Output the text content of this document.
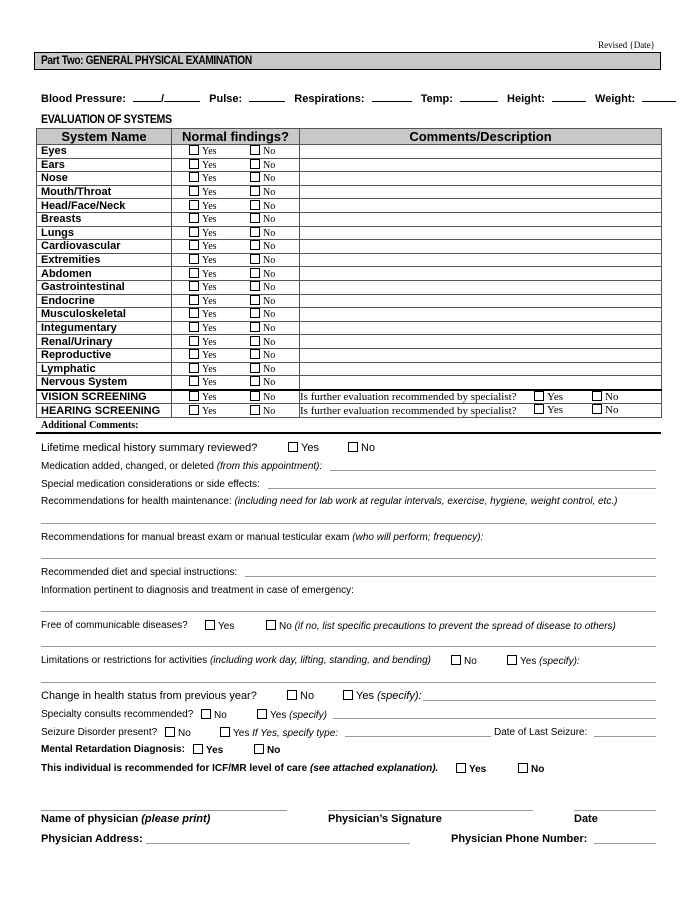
Revised {Date}
Part Two: GENERAL PHYSICAL EXAMINATION
Blood Pressure:	/	Pulse:	Respirations:	Temp:	Height:	Weight:
EVALUATION OF SYSTEMS
System Name	Normal findings?	Comments/Description
Eyes	Yes No	

Ears	Yes No	

Nose	Yes No	

Mouth/Throat	Yes No	

Head/Face/Neck	Yes No	

Breasts	Yes No	

Lungs	Yes No	

Cardiovascular	Yes No	

Extremities	Yes No	

Abdomen	Yes No	

Gastrointestinal	Yes No	

Endocrine	Yes No	

Musculoskeletal	Yes No	

Integumentary	Yes No	

Renal/Urinary	Yes No	

Reproductive	Yes No	

Lymphatic	Yes No	

Nervous System	Yes No	

VISION SCREENING	Yes No	Is further evaluation recommended by specialist? Yes No

HEARING SCREENING	Yes No	Is further evaluation recommended by specialist? Yes No
Additional Comments:
Lifetime medical history summary reviewed?	Yes	No
Medication added, changed, or deleted (from this appointment):
Special medication considerations or side effects:
Recommendations for health maintenance: (including need for lab work at regular intervals, exercise, hygiene, weight control, etc.)
Recommendations for manual breast exam or manual testicular exam (who will perform; frequency):
Recommended diet and special instructions:
Information pertinent to diagnosis and treatment in case of emergency:
Free of communicable diseases?	Yes	No (if no, list specific precautions to prevent the spread of disease to others)
Limitations or restrictions for activities (including work day, lifting, standing, and bending)	No	Yes (specify):
Change in health status from previous year?	No	Yes (specify):
Specialty consults recommended?	No	Yes (specify)
Seizure Disorder present?	No	Yes If Yes, specify type:	Date of Last Seizure:
Mental Retardation Diagnosis:	Yes	No
This individual is recommended for ICF/MR level of care (see attached explanation).	Yes	No
Name of physician (please print)	Physician’s Signature	Date
Physician Address:	Physician Phone Number:
